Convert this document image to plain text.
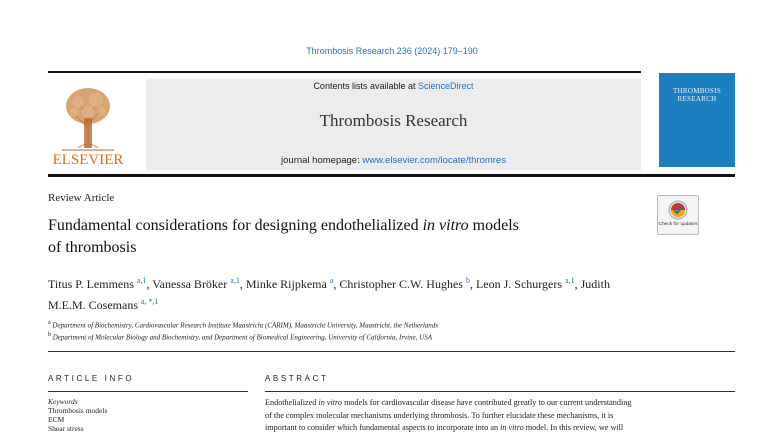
Thrombosis Research 236 (2024) 179–190
ELSEVIER
Contents lists available at ScienceDirect
Thrombosis Research
journal homepage: www.elsevier.com/locate/thromres
THROMBOSIS
RESEARCH
Review Article
Fundamental considerations for designing endothelialized in vitro models
of thrombosis
Check for updates
Titus P. Lemmens $^{a,1}$, Vanessa Bröker $^{a,1}$, Minke Rijpkema $^a$, Christopher C.W. Hughes $^b$, Leon J. Schurgers $^{a,1}$, Judith M.E.M. Cosemans $^{a, *,1}$
$^a$ Department of Biochemistry, Cardiovascular Research Institute Maastricht (CARIM), Maastricht University, Maastricht, the Netherlands
$^b$ Department of Molecular Biology and Biochemistry, and Department of Biomedical Engineering, University of California, Irvine, USA
ARTICLE INFO	ABSTRACT
Keywords
Thrombosis models
ECM
Shear stress
Endothelialized in vitro models for cardiovascular disease have contributed greatly to our current understanding
of the complex molecular mechanisms underlying thrombosis. To further elucidate these mechanisms, it is
important to consider which fundamental aspects to incorporate into an in vitro model. In this review, we will
